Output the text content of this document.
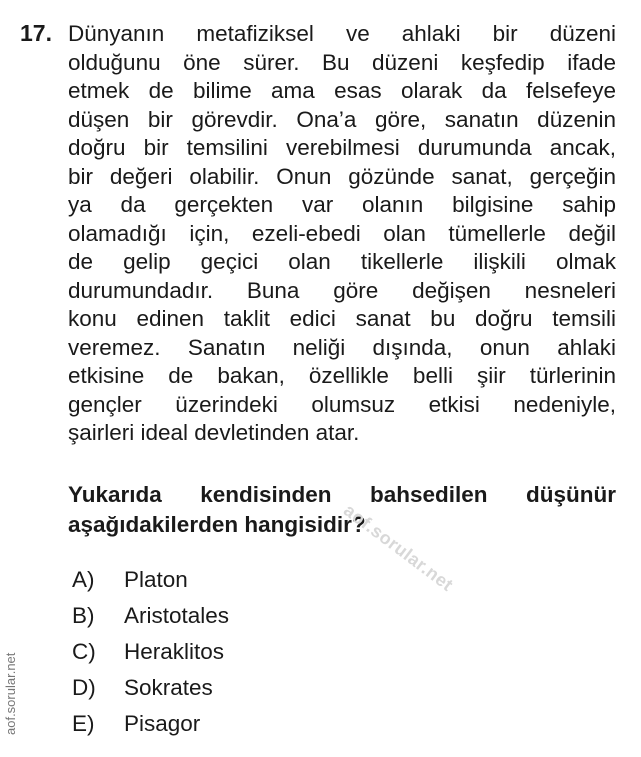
17. Dünyanın metafiziksel ve ahlaki bir düzeni
olduğunu öne sürer. Bu düzeni keşfedip ifade
etmek de bilime ama esas olarak da felsefeye
düşen bir görevdir. Ona’a göre, sanatın düzenin
doğru bir temsilini verebilmesi durumunda ancak,
bir değeri olabilir. Onun gözünde sanat, gerçeğin
ya da gerçekten var olanın bilgisine sahip
olamadığı için, ezeli-ebedi olan tümellerle değil
de gelip geçici olan tikellerle ilişkili olmak
durumundadır. Buna göre değişen nesneleri
konu edinen taklit edici sanat bu doğru temsili
veremez. Sanatın neliği dışında, onun ahlaki
etkisine de bakan, özellikle belli şiir türlerinin
gençler üzerindeki olumsuz etkisi nedeniyle,
şairleri ideal devletinden atar.
Yukarıda kendisinden bahsedilen düşünür
aşağıdakilerden hangisidir?
A)	Platon
B)	Aristotales
C)	Heraklitos
D)	Sokrates
E)	Pisagor
aof.sorular.net
aof.sorular.net
